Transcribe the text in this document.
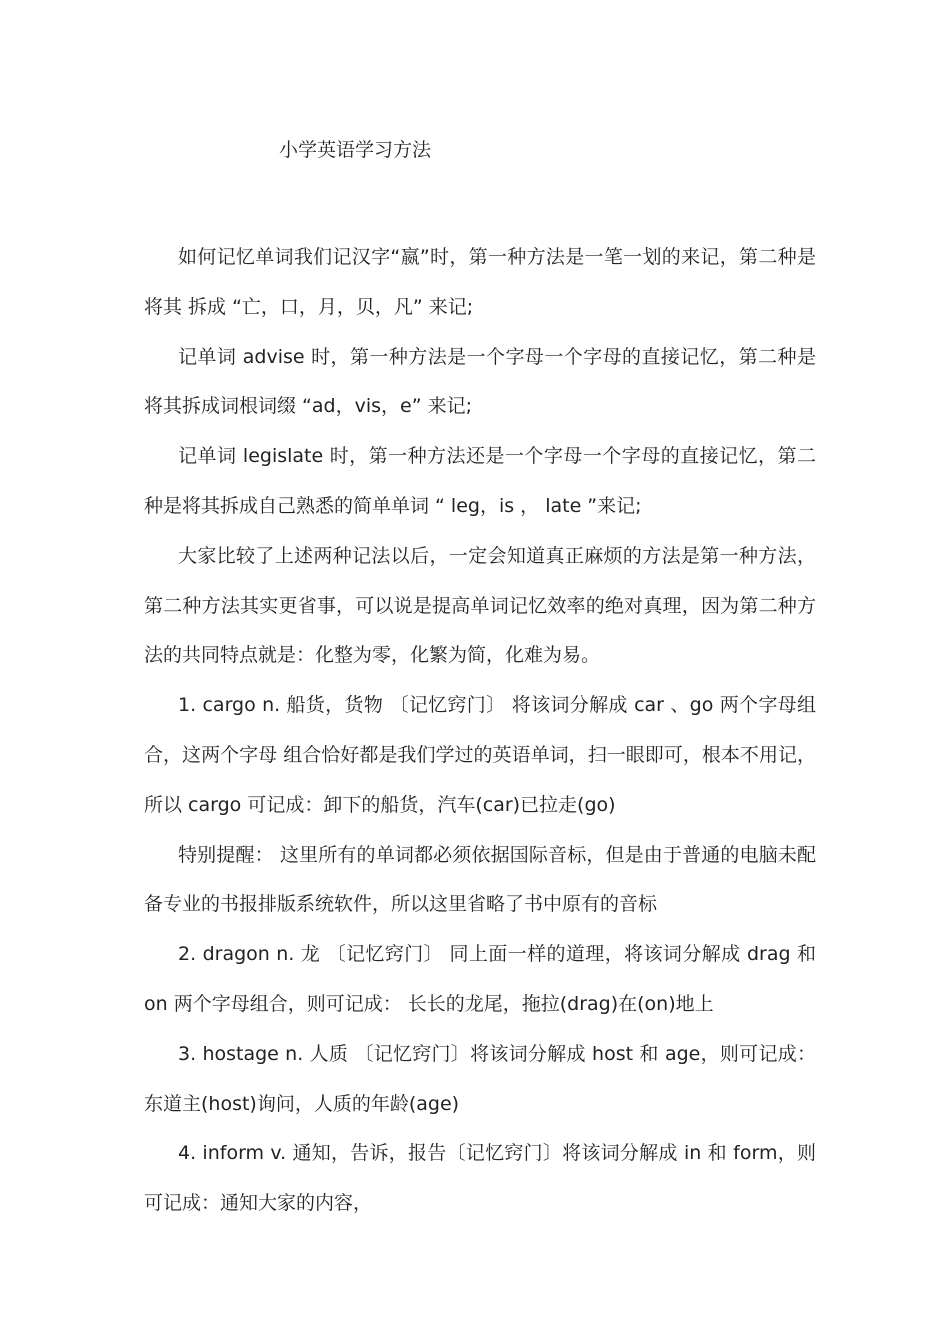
小学英语学习方法

如何记忆单词我们记汉字“嬴”时，第一种方法是一笔一划的来记，第二种是将其 拆成 “亡，口，月，贝，凡” 来记;

记单词 advise 时，第一种方法是一个字母一个字母的直接记忆，第二种是将其拆成词根词缀 “ad，vis，e” 来记;

记单词 legislate 时，第一种方法还是一个字母一个字母的直接记忆，第二种是将其拆成自己熟悉的简单单词 “ leg，is ， late ”来记;

大家比较了上述两种记法以后，一定会知道真正麻烦的方法是第一种方法，第二种方法其实更省事，可以说是提高单词记忆效率的绝对真理，因为第二种方法的共同特点就是：化整为零，化繁为简，化难为易。

1. cargo n. 船货，货物 〔记忆窍门〕 将该词分解成 car 、go 两个字母组合，这两个字母 组合恰好都是我们学过的英语单词，扫一眼即可，根本不用记，所以 cargo 可记成：卸下的船货，汽车(car)已拉走(go)

特别提醒： 这里所有的单词都必须依据国际音标，但是由于普通的电脑未配备专业的书报排版系统软件，所以这里省略了书中原有的音标

2. dragon n. 龙 〔记忆窍门〕 同上面一样的道理，将该词分解成 drag 和 on 两个字母组合，则可记成： 长长的龙尾，拖拉(drag)在(on)地上

3. hostage n. 人质 〔记忆窍门〕将该词分解成 host 和 age，则可记成：东道主(host)询问，人质的年龄(age)

4. inform v. 通知，告诉，报告〔记忆窍门〕将该词分解成 in 和 form，则可记成：通知大家的内容，
